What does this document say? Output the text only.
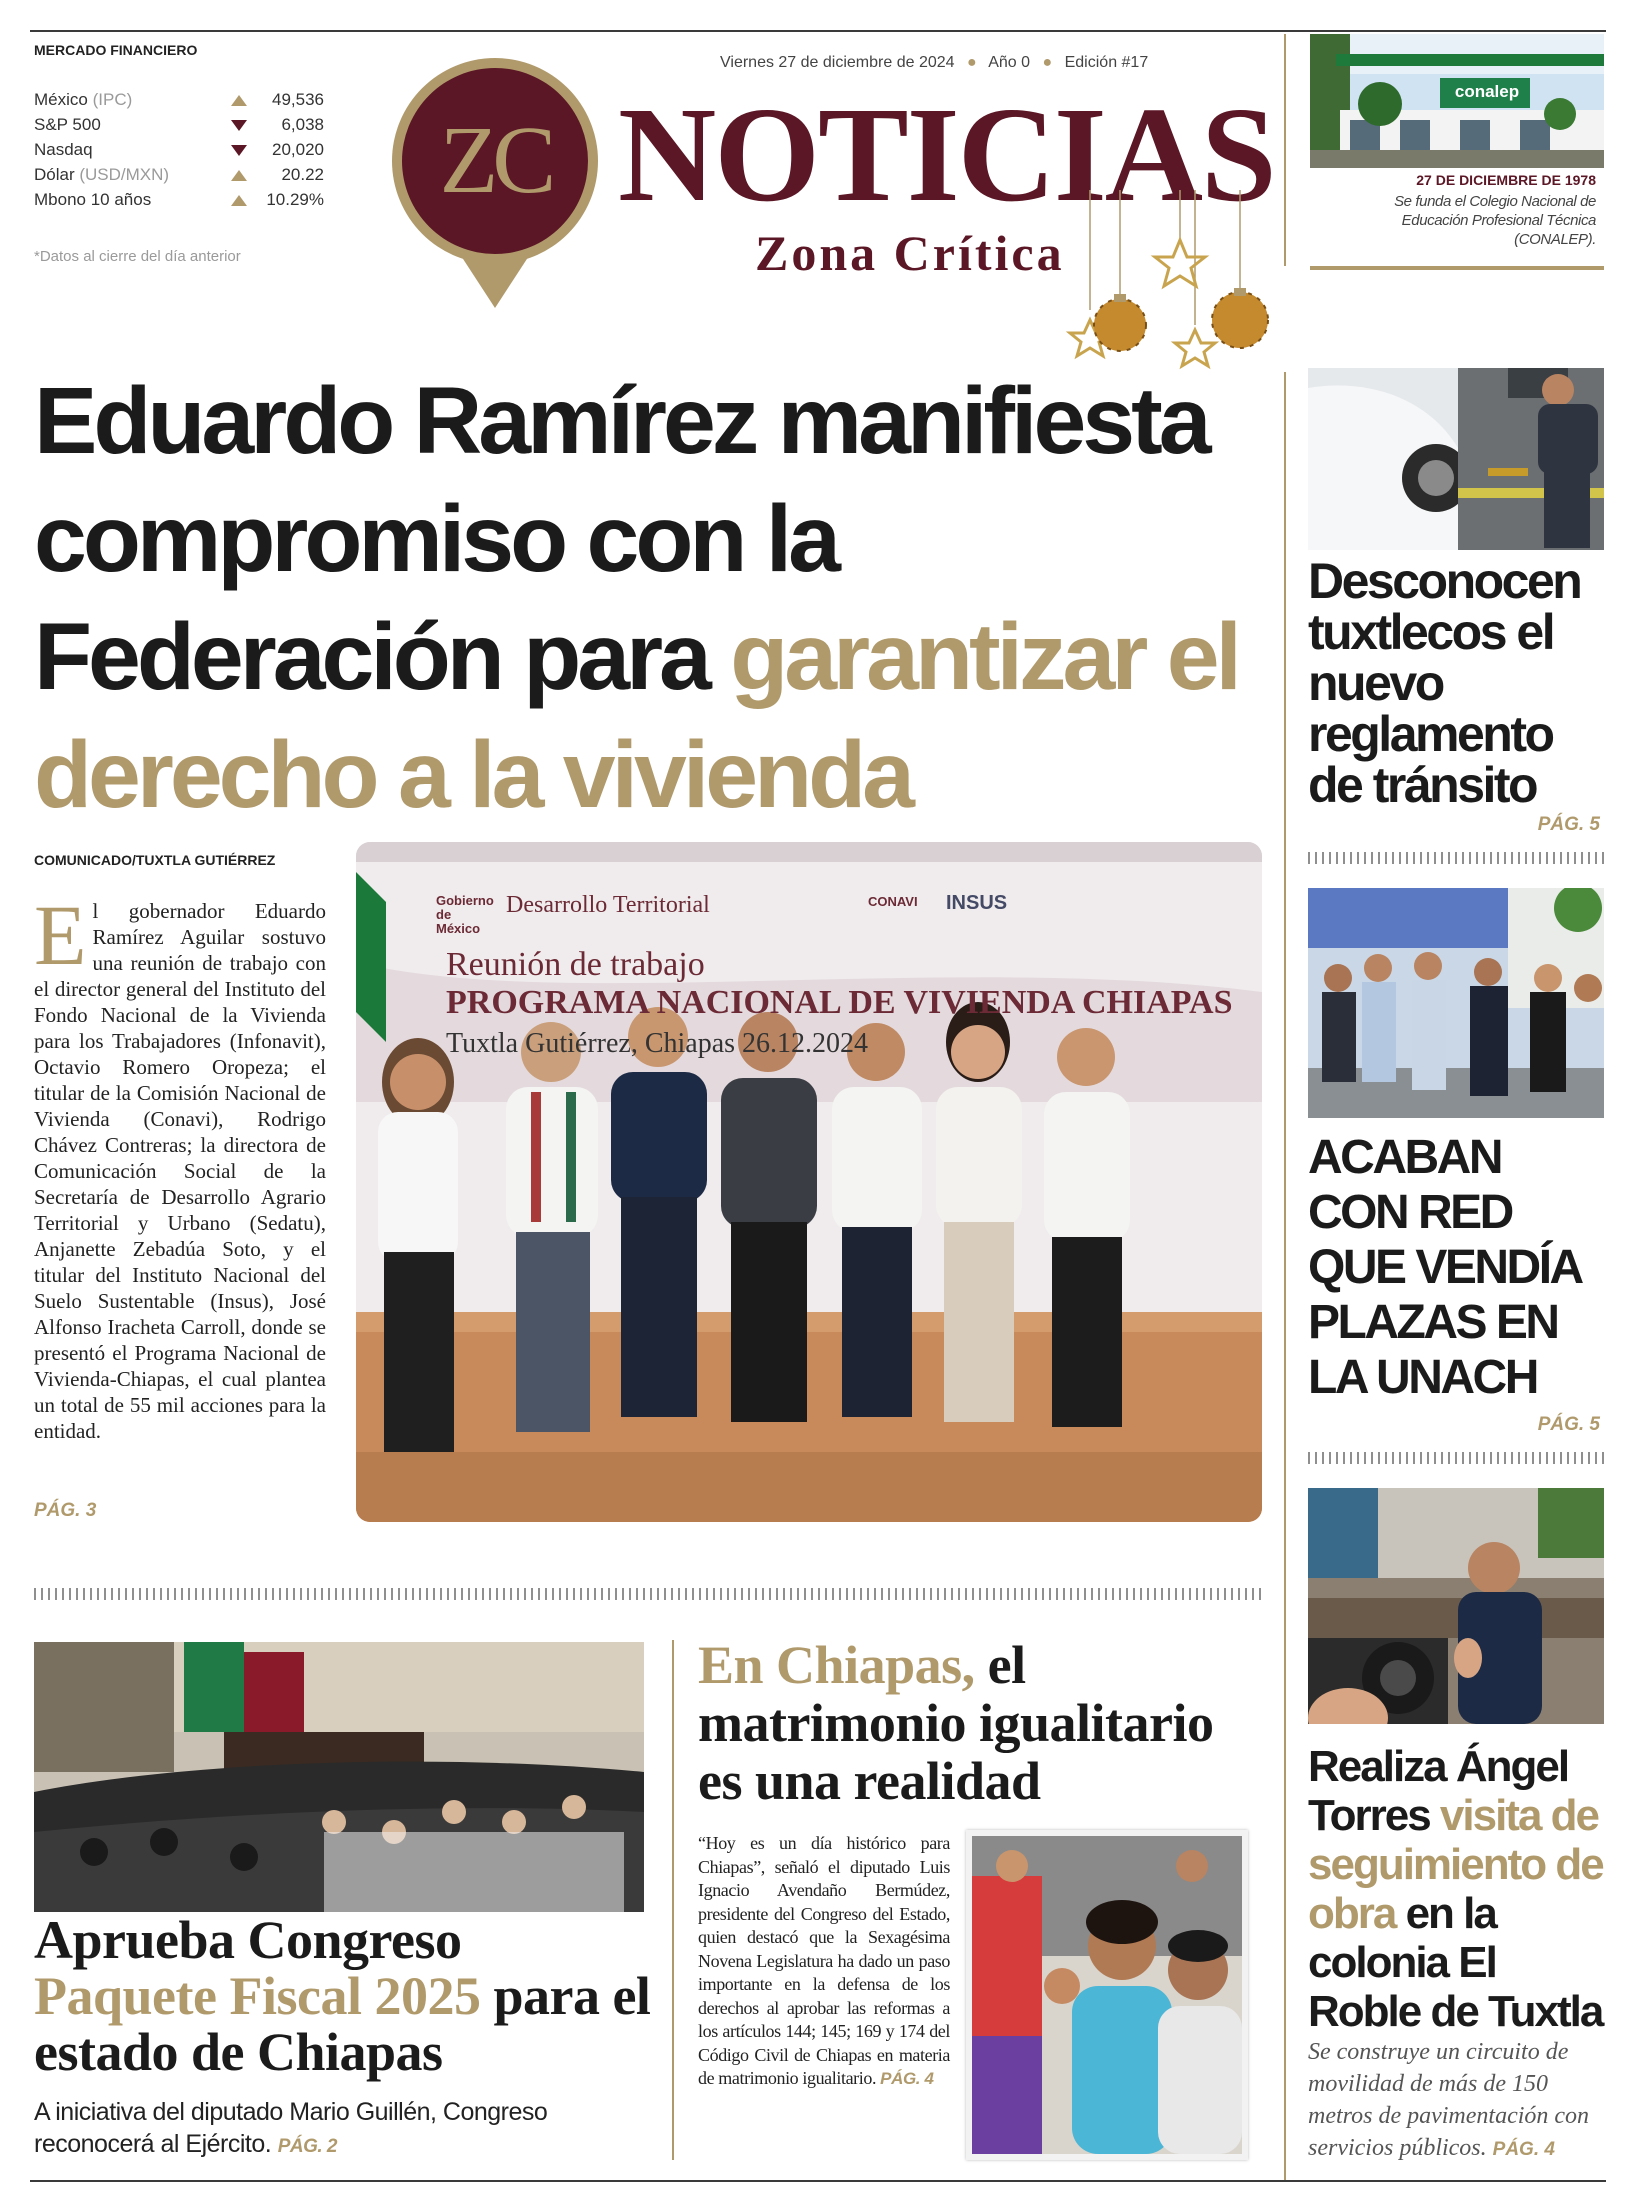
MERCADO FINANCIERO
México (IPC)	49,536
S&P 500	6,038
Nasdaq	20,020
Dólar (USD/MXN)	20.22
Mbono 10 años	10.29%
*Datos al cierre del día anterior
Viernes 27 de diciembre de 2024 ● Año 0 ● Edición #17
ZC NOTICIAS
Zona Crítica
conalep
27 DE DICIEMBRE DE 1978
Se funda el Colegio Nacional de Educación Profesional Técnica (CONALEP).
Eduardo Ramírez manifiesta compromiso con la Federación para garantizar el derecho a la vivienda
COMUNICADO/TUXTLA GUTIÉRREZ
E l gobernador Eduardo Ramírez Aguilar sostuvo una reunión de trabajo con el director general del Instituto del Fondo Nacional de la Vivienda para los Trabajadores (Infonavit), Octavio Romero Oropeza; el titular de la Comisión Nacional de Vivienda (Conavi), Rodrigo Chávez Contreras; la directora de Comunicación Social de la Secretaría de Desarrollo Agrario Territorial y Urbano (Sedatu), Anjanette Zebadúa Soto, y el titular del Instituto Nacional del Suelo Sustentable (Insus), José Alfonso Iracheta Carroll, donde se presentó el Programa Nacional de Vivienda-Chiapas, el cual plantea un total de 55 mil acciones para la entidad.

PÁG. 3
Gobierno de México
Desarrollo Territorial	CONAVI INSUS
Reunión de trabajo
PROGRAMA NACIONAL DE VIVIENDA CHIAPAS
Tuxtla Gutiérrez, Chiapas 26.12.2024
Aprueba Congreso Paquete Fiscal 2025 para el estado de Chiapas
A iniciativa del diputado Mario Guillén, Congreso reconocerá al Ejército. PÁG. 2
En Chiapas, el matrimonio igualitario es una realidad

“Hoy es un día histórico para Chiapas”, señaló el diputado Luis Ignacio Avendaño Bermúdez, presidente del Congreso del Estado, quien destacó que la Sexagésima Novena Legislatura ha dado un paso importante en la defensa de los derechos al aprobar las reformas a los artículos 144; 145; 169 y 174 del Código Civil de Chiapas en materia de matrimonio igualitario. PÁG. 4

Desconocen tuxtlecos el nuevo reglamento de tránsito
PÁG. 5
ACABAN CON RED QUE VENDÍA PLAZAS EN LA UNACH
PÁG. 5
Realiza Ángel Torres visita de seguimiento de obra en la colonia El Roble de Tuxtla
Se construye un circuito de movilidad de más de 150 metros de pavimentación con servicios públicos. PÁG. 4
